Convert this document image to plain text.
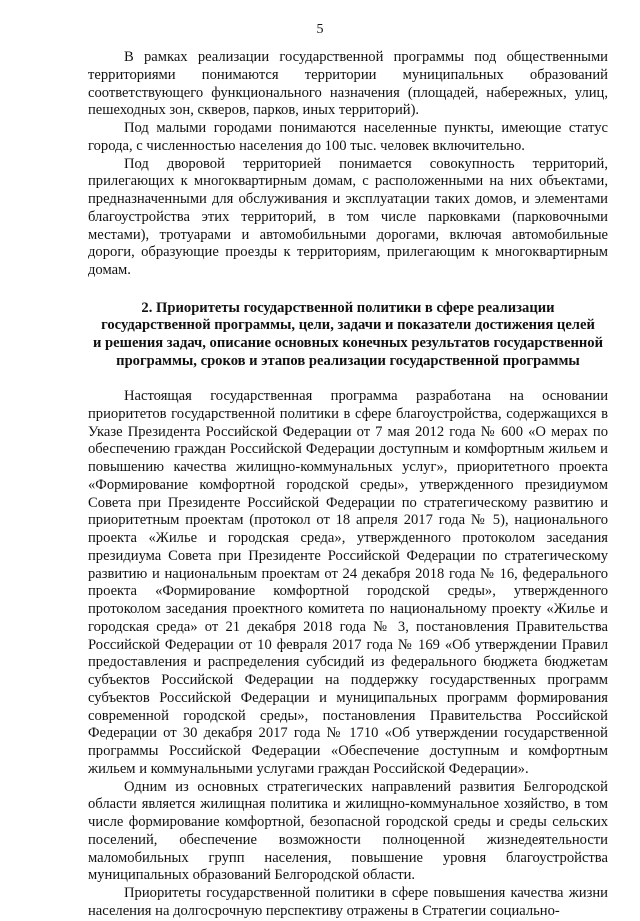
5

В рамках реализации государственной программы под общественными территориями понимаются территории муниципальных образований соответствующего функционального назначения (площадей, набережных, улиц, пешеходных зон, скверов, парков, иных территорий).

Под малыми городами понимаются населенные пункты, имеющие статус города, с численностью населения до 100 тыс. человек включительно.

Под дворовой территорией понимается совокупность территорий, прилегающих к многоквартирным домам, с расположенными на них объектами, предназначенными для обслуживания и эксплуатации таких домов, и элементами благоустройства этих территорий, в том числе парковками (парковочными местами), тротуарами и автомобильными дорогами, включая автомобильные дороги, образующие проезды к территориям, прилегающим к многоквартирным домам.

2. Приоритеты государственной политики в сфере реализации
государственной программы, цели, задачи и показатели достижения целей
и решения задач, описание основных конечных результатов государственной
программы, сроков и этапов реализации государственной программы

Настоящая государственная программа разработана на основании приоритетов государственной политики в сфере благоустройства, содержащихся в Указе Президента Российской Федерации от 7 мая 2012 года № 600 «О мерах по обеспечению граждан Российской Федерации доступным и комфортным жильем и повышению качества жилищно-коммунальных услуг», приоритетного проекта «Формирование комфортной городской среды», утвержденного президиумом Совета при Президенте Российской Федерации по стратегическому развитию и приоритетным проектам (протокол от 18 апреля 2017 года № 5), национального проекта «Жилье и городская среда», утвержденного протоколом заседания президиума Совета при Президенте Российской Федерации по стратегическому развитию и национальным проектам от 24 декабря 2018 года № 16, федерального проекта «Формирование комфортной городской среды», утвержденного протоколом заседания проектного комитета по национальному проекту «Жилье и городская среда» от 21 декабря 2018 года № 3, постановления Правительства Российской Федерации от 10 февраля 2017 года № 169 «Об утверждении Правил предоставления и распределения субсидий из федерального бюджета бюджетам субъектов Российской Федерации на поддержку государственных программ субъектов Российской Федерации и муниципальных программ формирования современной городской среды», постановления Правительства Российской Федерации от 30 декабря 2017 года № 1710 «Об утверждении государственной программы Российской Федерации «Обеспечение доступным и комфортным жильем и коммунальными услугами граждан Российской Федерации».

Одним из основных стратегических направлений развития Белгородской области является жилищная политика и жилищно-коммунальное хозяйство, в том числе формирование комфортной, безопасной городской среды и среды сельских поселений, обеспечение возможности полноценной жизнедеятельности маломобильных групп населения, повышение уровня благоустройства муниципальных образований Белгородской области.

Приоритеты государственной политики в сфере повышения качества жизни населения на долгосрочную перспективу отражены в Стратегии социально-
